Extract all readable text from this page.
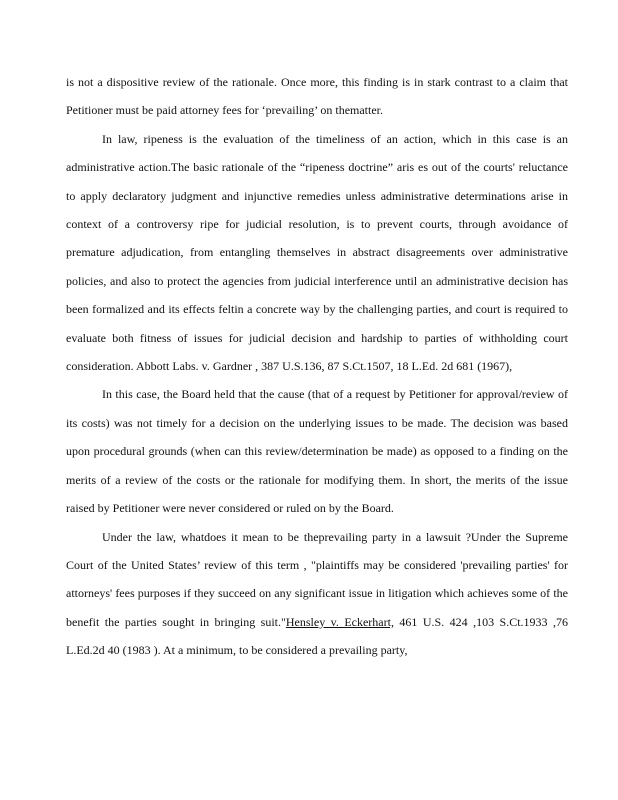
is not a dispositive review of the rationale. Once more, this finding is in stark contrast to a claim that Petitioner must be paid attorney fees for ‘prevailing’ on thematter.

In law, ripeness is the evaluation of the timeliness of an action, which in this case is an administrative action.The basic rationale of the “ripeness doctrine” aris es out of the courts' reluctance to apply declaratory judgment and injunctive remedies unless administrative determinations arise in context of a controversy ripe for judicial resolution, is to prevent courts, through avoidance of premature adjudication, from entangling themselves in abstract disagreements over administrative policies, and also to protect the agencies from judicial interference until an administrative decision has been formalized and its effects feltin a concrete way by the challenging parties, and court is required to evaluate both fitness of issues for judicial decision and hardship to parties of withholding court consideration. Abbott Labs. v. Gardner , 387 U.S.136, 87 S.Ct.1507, 18 L.Ed. 2d 681 (1967),

In this case, the Board held that the cause (that of a request by Petitioner for approval/review of its costs) was not timely for a decision on the underlying issues to be made. The decision was based upon procedural grounds (when can this review/determination be made) as opposed to a finding on the merits of a review of the costs or the rationale for modifying them. In short, the merits of the issue raised by Petitioner were never considered or ruled on by the Board.

Under the law, whatdoes it mean to be theprevailing party in a lawsuit ?Under the Supreme Court of the United States’ review of this term , "plaintiffs may be considered 'prevailing parties' for attorneys' fees purposes if they succeed on any significant issue in litigation which achieves some of the benefit the parties sought in bringing suit."Hensley v. Eckerhart, 461 U.S. 424 ,103 S.Ct.1933 ,76 L.Ed.2d 40 (1983 ). At a minimum, to be considered a prevailing party,
